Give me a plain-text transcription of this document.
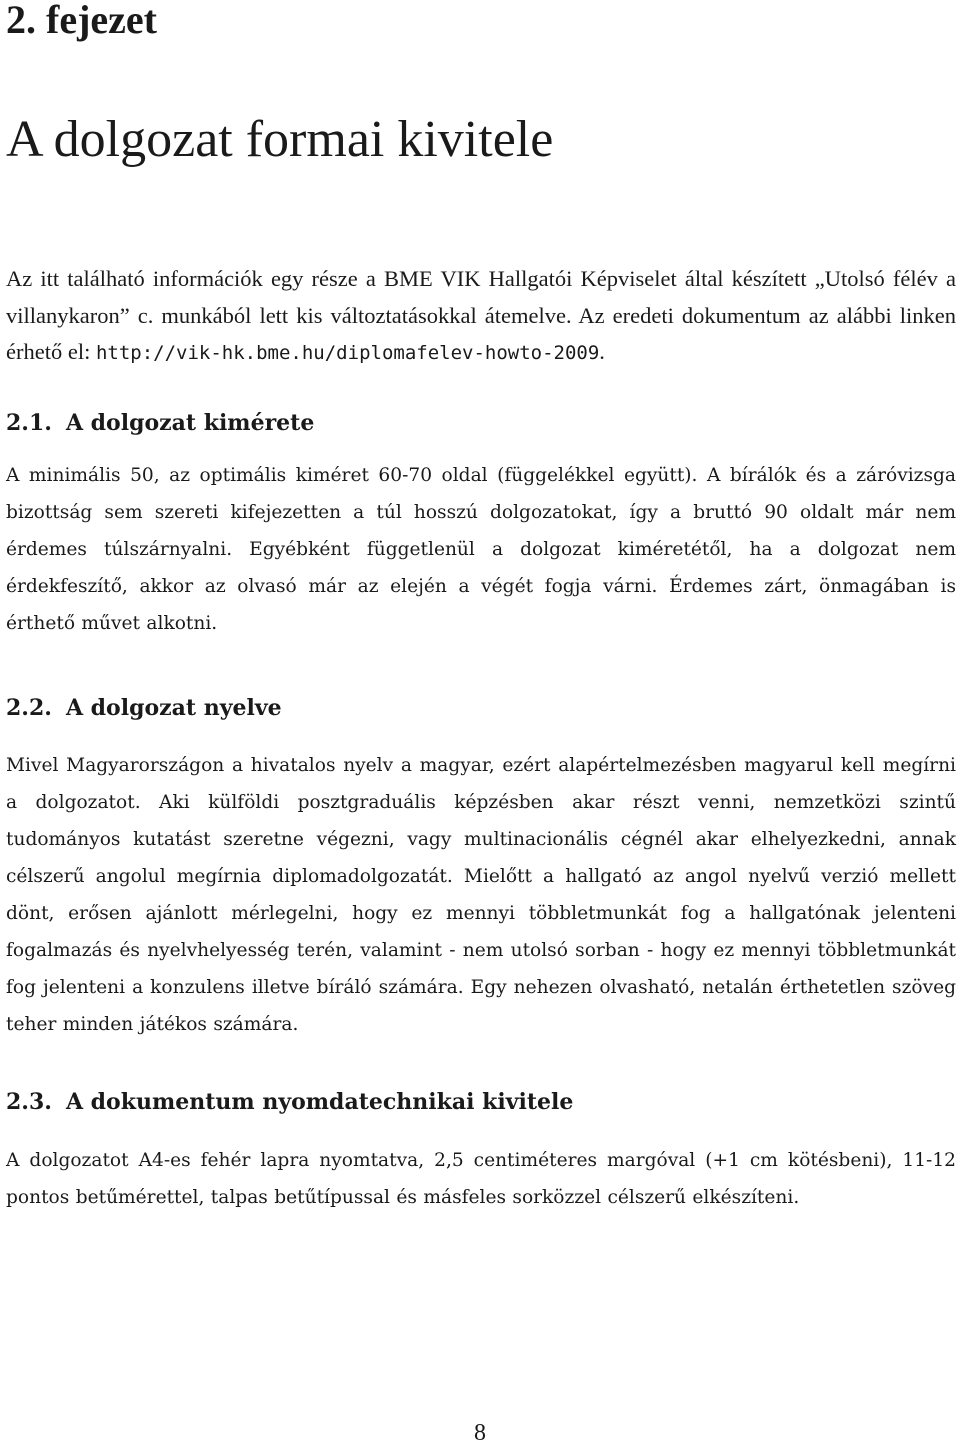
2. fejezet
A dolgozat formai kivitele

Az itt található információk egy része a BME VIK Hallgatói Képviselet által készített „Utolsó félév a villanykaron” c. munkából lett kis változtatásokkal átemelve. Az eredeti dokumentum az alábbi linken érhető el: http://vik-hk.bme.hu/diplomafelev-howto-2009.

2.1. A dolgozat kimérete

A minimális 50, az optimális kiméret 60-70 oldal (függelékkel együtt). A bírálók és a záróvizsga bizottság sem szereti kifejezetten a túl hosszú dolgozatokat, így a bruttó 90 oldalt már nem érdemes túlszárnyalni. Egyébként függetlenül a dolgozat kiméretétől, ha a dolgozat nem érdekfeszítő, akkor az olvasó már az elején a végét fogja várni. Érdemes zárt, önmagában is érthető művet alkotni.

2.2. A dolgozat nyelve

Mivel Magyarországon a hivatalos nyelv a magyar, ezért alapértelmezésben magyarul kell megírni a dolgozatot. Aki külföldi posztgraduális képzésben akar részt venni, nemzetközi szintű tudományos kutatást szeretne végezni, vagy multinacionális cégnél akar elhelyezkedni, annak célszerű angolul megírnia diplomadolgozatát. Mielőtt a hallgató az angol nyelvű verzió mellett dönt, erősen ajánlott mérlegelni, hogy ez mennyi többletmunkát fog a hallgatónak jelenteni fogalmazás és nyelvhelyesség terén, valamint - nem utolsó sorban - hogy ez mennyi többletmunkát fog jelenteni a konzulens illetve bíráló számára. Egy nehezen olvasható, netalán érthetetlen szöveg teher minden játékos számára.

2.3. A dokumentum nyomdatechnikai kivitele

A dolgozatot A4-es fehér lapra nyomtatva, 2,5 centiméteres margóval (+1 cm kötésbeni), 11-12 pontos betűmérettel, talpas betűtípussal és másfeles sorközzel célszerű elkészíteni.

8
